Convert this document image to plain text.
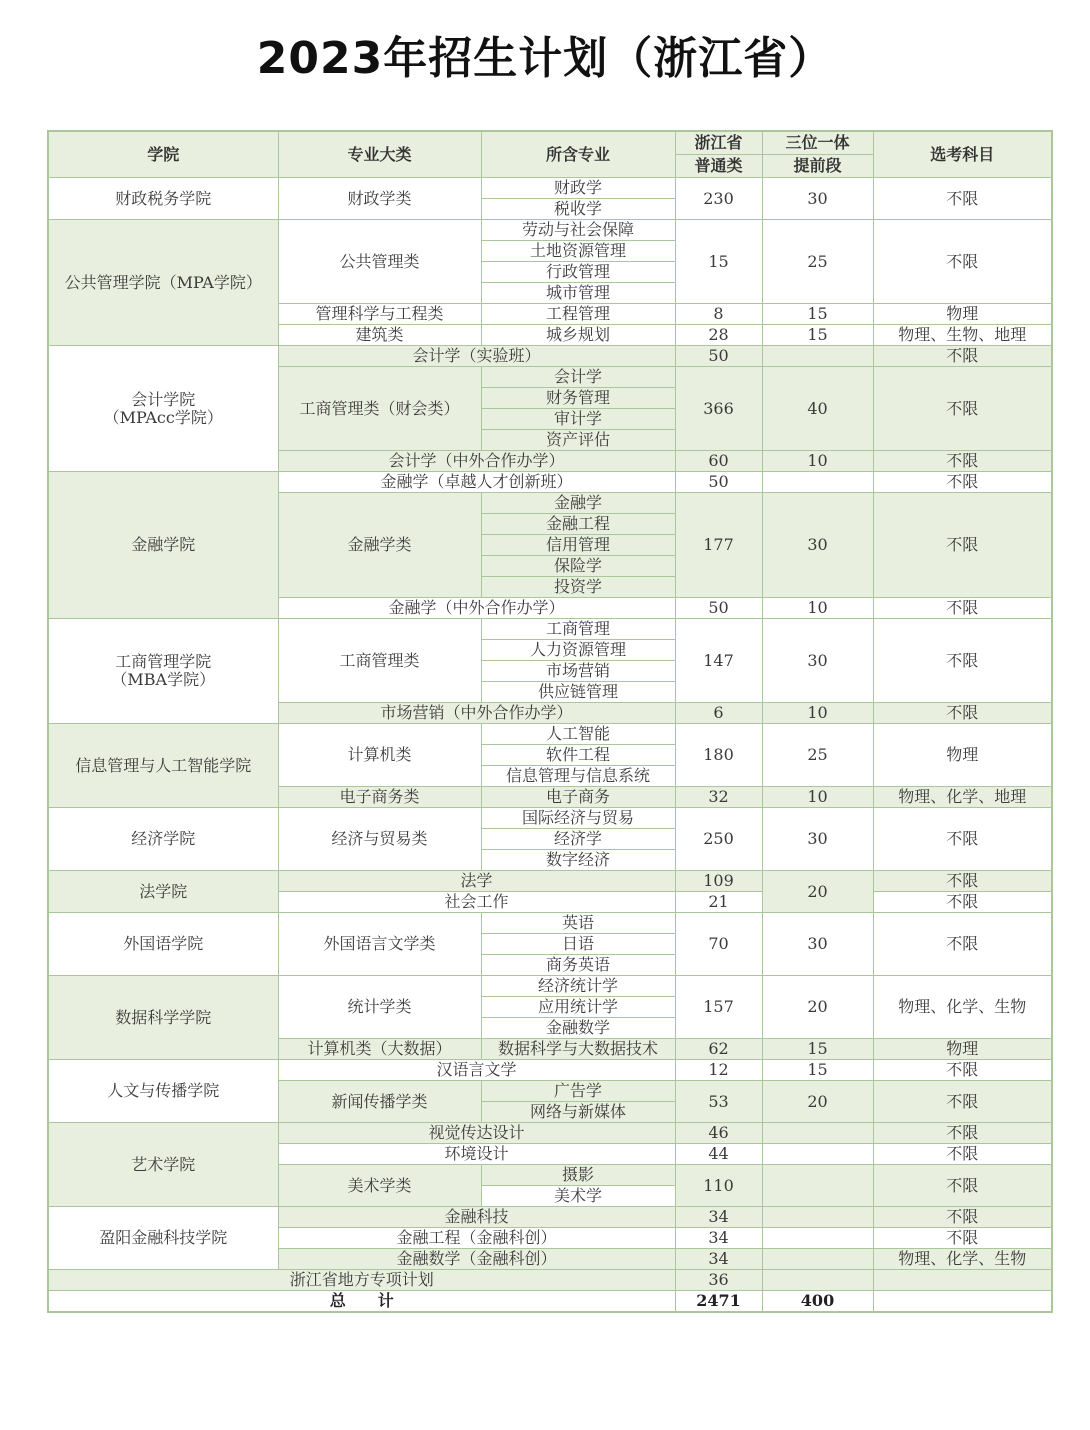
2023年招生计划（浙江省）
学院	专业大类	所含专业	浙江省	三位一体	选考科目
			普通类	提前段	
财政税务学院	财政学类	财政学	230	30	不限
		税收学			
公共管理学院（MPA学院）	公共管理类	劳动与社会保障	15	25	不限
		土地资源管理			
		行政管理			
		城市管理			
	管理科学与工程类	工程管理	8	15	物理
	建筑类	城乡规划	28	15	物理、生物、地理
会计学院
（MPAcc学院）	会计学（实验班）		50		不限
	工商管理类（财会类）	会计学	366	40	不限
		财务管理			
		审计学			
		资产评估			
	会计学（中外合作办学）		60	10	不限
金融学院	金融学（卓越人才创新班）		50		不限
	金融学类	金融学	177	30	不限
		金融工程			
		信用管理			
		保险学			
		投资学			
	金融学（中外合作办学）		50	10	不限
工商管理学院
（MBA学院）	工商管理类	工商管理	147	30	不限
		人力资源管理			
		市场营销			
		供应链管理			
	市场营销（中外合作办学）		6	10	不限
信息管理与人工智能学院	计算机类	人工智能	180	25	物理
		软件工程			
		信息管理与信息系统			
	电子商务类	电子商务	32	10	物理、化学、地理
经济学院	经济与贸易类	国际经济与贸易	250	30	不限
		经济学			
		数字经济			
法学院	法学		109	20	不限
	社会工作		21		不限
外国语学院	外国语言文学类	英语	70	30	不限
		日语			
		商务英语			
数据科学学院	统计学类	经济统计学	157	20	物理、化学、生物
		应用统计学			
		金融数学			
	计算机类（大数据）	数据科学与大数据技术	62	15	物理
人文与传播学院	汉语言文学		12	15	不限
	新闻传播学类	广告学	53	20	不限
		网络与新媒体			
艺术学院	视觉传达设计		46		不限
	环境设计		44		不限
	美术学类	摄影	110		不限
		美术学			
盈阳金融科技学院	金融科技		34		不限
	金融工程（金融科创）		34		不限
	金融数学（金融科创）		34		物理、化学、生物
浙江省地方专项计划			36		
总　　计			2471	400	
